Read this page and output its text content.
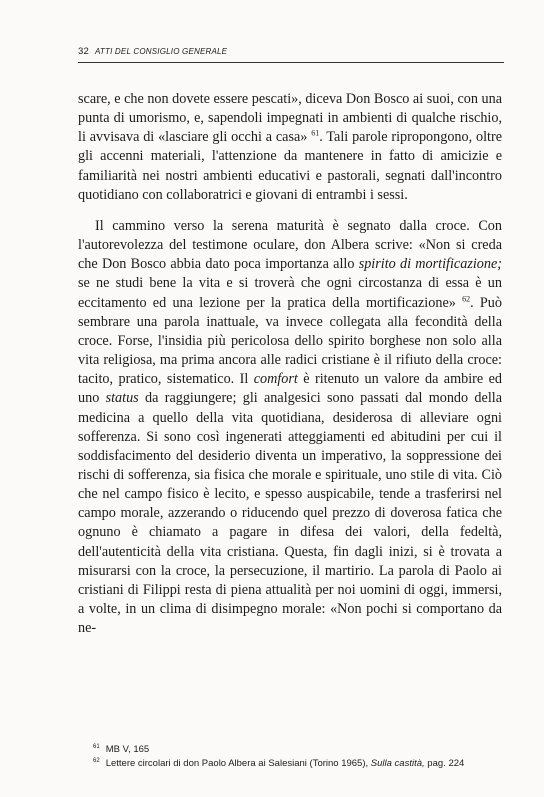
32 ATTI DEL CONSIGLIO GENERALE

scare, e che non dovete essere pescati», diceva Don Bosco ai suoi, con una punta di umorismo, e, sapendoli impegnati in ambienti di qualche rischio, li avvisava di «lasciare gli occhi a casa» $^{61}$. Tali parole ripropongono, oltre gli accenni materiali, l'attenzione da mantenere in fatto di amicizie e familiarità nei nostri ambienti educativi e pastorali, segnati dall'incontro quotidiano con collaboratrici e giovani di entrambi i sessi.

Il cammino verso la serena maturità è segnato dalla croce. Con l'autorevolezza del testimone oculare, don Albera scrive: «Non si creda che Don Bosco abbia dato poca importanza allo spirito di mortificazione; se ne studi bene la vita e si troverà che ogni circostanza di essa è un eccitamento ed una lezione per la pratica della mortificazione» $^{62}$. Può sembrare una parola inattuale, va invece collegata alla fecondità della croce. Forse, l'insidia più pericolosa dello spirito borghese non solo alla vita religiosa, ma prima ancora alle radici cristiane è il rifiuto della croce: tacito, pratico, sistematico. Il comfort è ritenuto un valore da ambire ed uno status da raggiungere; gli analgesici sono passati dal mondo della medicina a quello della vita quotidiana, desiderosa di alleviare ogni sofferenza. Si sono così ingenerati atteggiamenti ed abitudini per cui il soddisfacimento del desiderio diventa un imperativo, la soppressione dei rischi di sofferenza, sia fisica che morale e spirituale, uno stile di vita. Ciò che nel campo fisico è lecito, e spesso auspicabile, tende a trasferirsi nel campo morale, azzerando o riducendo quel prezzo di doverosa fatica che ognuno è chiamato a pagare in difesa dei valori, della fedeltà, dell'autenticità della vita cristiana. Questa, fin dagli inizi, si è trovata a misurarsi con la croce, la persecuzione, il martirio. La parola di Paolo ai cristiani di Filippi resta di piena attualità per noi uomini di oggi, immersi, a volte, in un clima di disimpegno morale: «Non pochi si comportano da ne-

$^{61}$ MB V, 165

$^{62}$ Lettere circolari di don Paolo Albera ai Salesiani (Torino 1965), Sulla castità, pag. 224
